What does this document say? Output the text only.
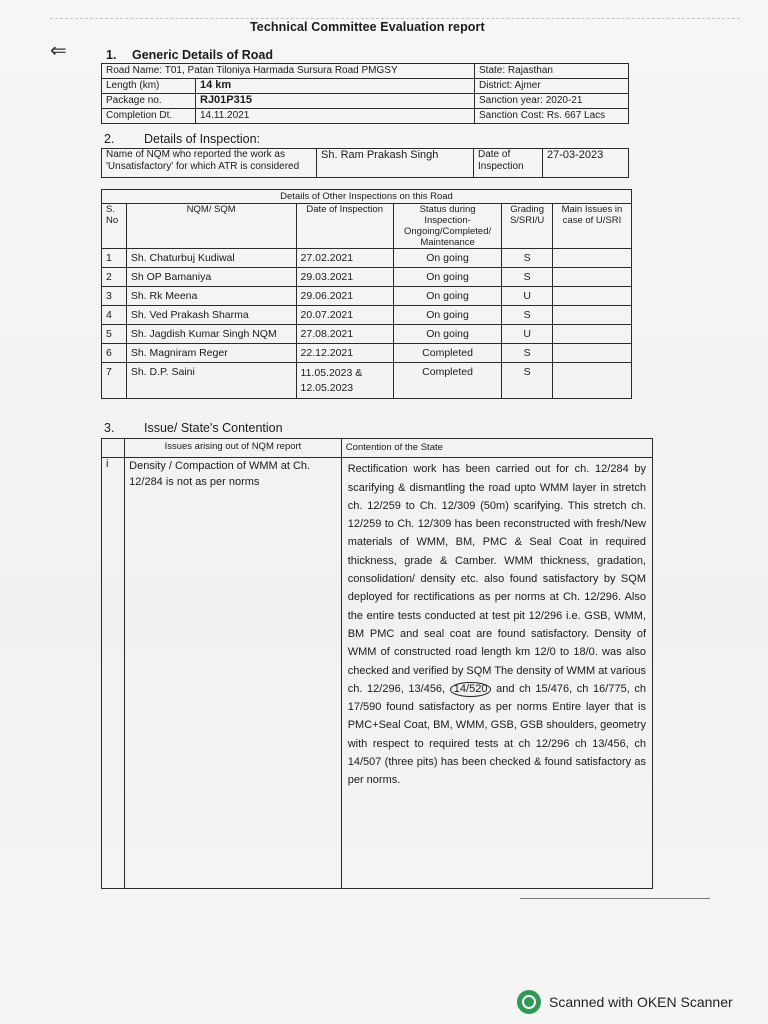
Technical Committee Evaluation report
⇐	1. Generic Details of Road
Road Name: T01, Patan Tiloniya Harmada Sursura Road PMGSY		State: Rajasthan
Length (km)	14 km	District: Ajmer
Package no.	RJ01P315	Sanction year: 2020-21
Completion Dt.	14.11.2021	Sanction Cost: Rs. 667 Lacs
2. Details of Inspection:
Name of NQM who reported the work as 'Unsatisfactory' for which ATR is considered	Sh. Ram Prakash Singh	Date of Inspection	27-03-2023
Details of Other Inspections on this Road					
S. No	NQM/ SQM	Date of Inspection	Status during Inspection- Ongoing/Completed/ Maintenance	Grading S/SRI/U	Main Issues in case of U/SRI
1	Sh. Chaturbuj Kudiwal	27.02.2021	On going	S	
2	Sh OP Bamaniya	29.03.2021	On going	S	
3	Sh. Rk Meena	29.06.2021	On going	U	
4	Sh. Ved Prakash Sharma	20.07.2021	On going	S	
5	Sh. Jagdish Kumar Singh NQM	27.08.2021	On going	U	
6	Sh. Magniram Reger	22.12.2021	Completed	S	
7	Sh. D.P. Saini	11.05.2023 & 12.05.2023	Completed	S	
3. Issue/ State's Contention
	Issues arising out of NQM report	Contention of the State
i	Density / Compaction of WMM at Ch. 12/284 is not as per norms	Rectification work has been carried out for ch. 12/284 by scarifying & dismantling the road upto WMM layer in stretch ch. 12/259 to Ch. 12/309 (50m) scarifying. This stretch ch. 12/259 to Ch. 12/309 has been reconstructed with fresh/New materials of WMM, BM, PMC & Seal Coat in required thickness, grade & Camber. WMM thickness, gradation, consolidation/ density etc. also found satisfactory by SQM deployed for rectifications as per norms at Ch. 12/296. Also the entire tests conducted at test pit 12/296 i.e. GSB, WMM, BM PMC and seal coat are found satisfactory. Density of WMM of constructed road length km 12/0 to 18/0. was also checked and verified by SQM The density of WMM at various ch. 12/296, 13/456, 14/520 and ch 15/476, ch 16/775, ch 17/590 found satisfactory as per norms Entire layer that is PMC+Seal Coat, BM, WMM, GSB, GSB shoulders, geometry with respect to required tests at ch 12/296 ch 13/456, ch 14/507 (three pits) has been checked & found satisfactory as per norms.
Scanned with OKEN Scanner
